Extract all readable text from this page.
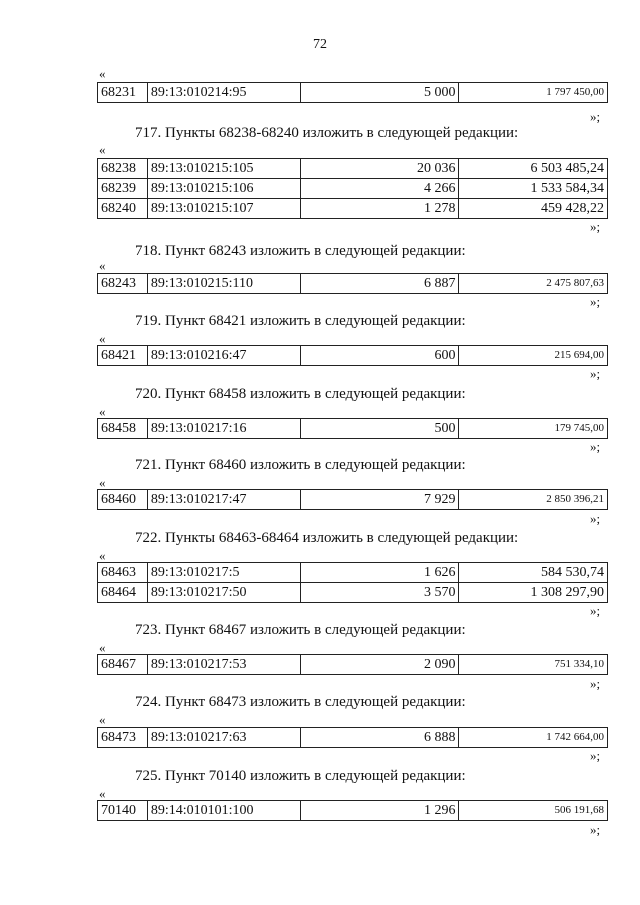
72
«
68231	89:13:010214:95	5 000	1 797 450,00
»;
717. Пункты 68238-68240 изложить в следующей редакции:
«
68238	89:13:010215:105	20 036	6 503 485,24
68239	89:13:010215:106	4 266	1 533 584,34
68240	89:13:010215:107	1 278	459 428,22
»;
718. Пункт 68243 изложить в следующей редакции:
«
68243	89:13:010215:110	6 887	2 475 807,63
»;
719. Пункт 68421 изложить в следующей редакции:
«
68421	89:13:010216:47	600	215 694,00
»;
720. Пункт 68458 изложить в следующей редакции:
«
68458	89:13:010217:16	500	179 745,00
»;
721. Пункт 68460 изложить в следующей редакции:
«
68460	89:13:010217:47	7 929	2 850 396,21
»;
722. Пункты 68463-68464 изложить в следующей редакции:
«
68463	89:13:010217:5	1 626	584 530,74
68464	89:13:010217:50	3 570	1 308 297,90
»;
723. Пункт 68467 изложить в следующей редакции:
«
68467	89:13:010217:53	2 090	751 334,10
»;
724. Пункт 68473 изложить в следующей редакции:
«
68473	89:13:010217:63	6 888	1 742 664,00
»;
725. Пункт 70140 изложить в следующей редакции:
«
70140	89:14:010101:100	1 296	506 191,68
»;
